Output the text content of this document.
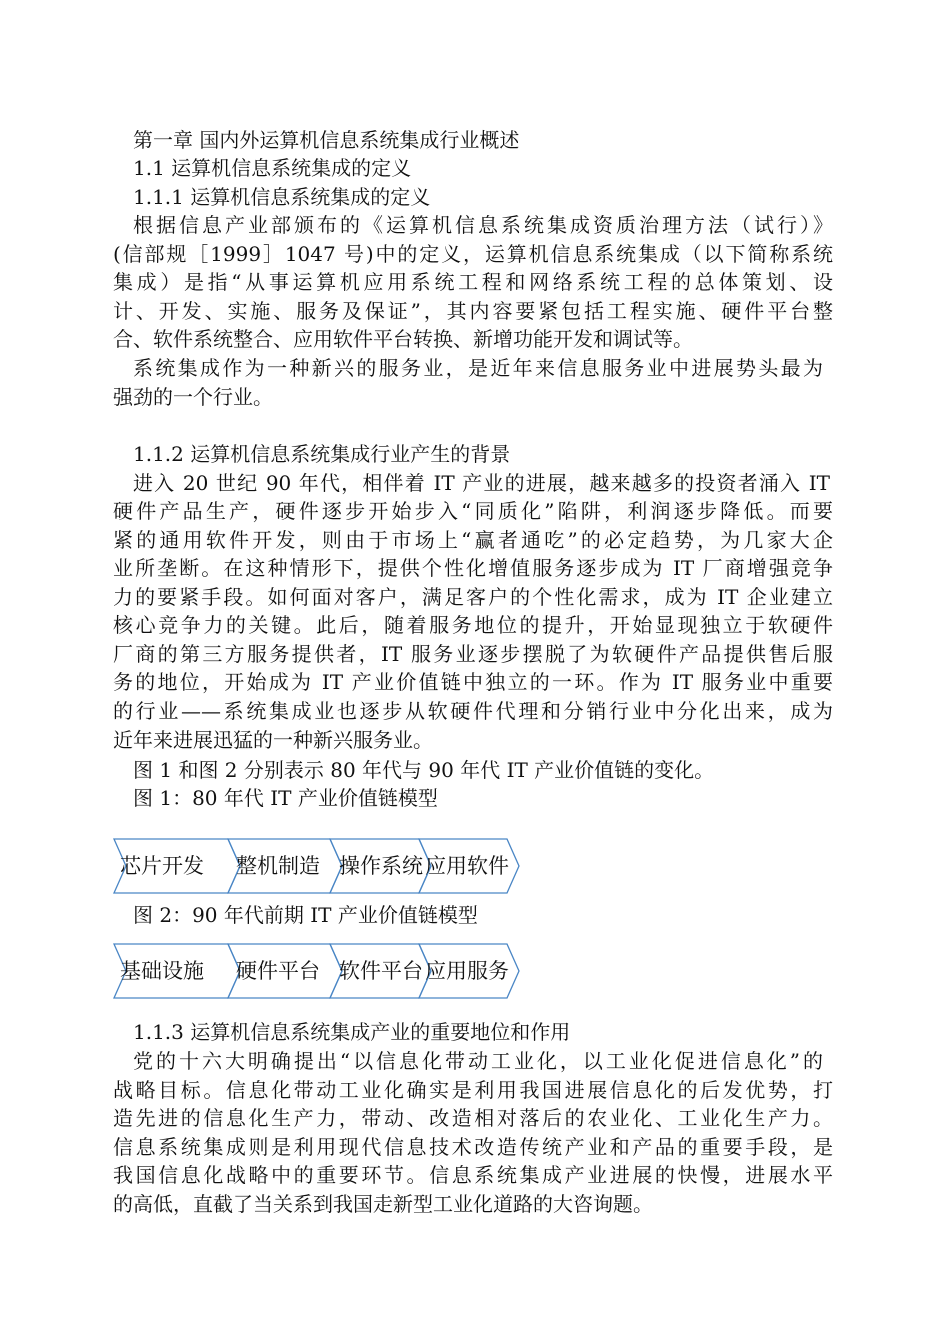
第一章 国内外运算机信息系统集成行业概述
1.1 运算机信息系统集成的定义
1.1.1 运算机信息系统集成的定义
根据信息产业部颁布的《运算机信息系统集成资质治理方法（试行）》
(信部规［1999］1047 号)中的定义，运算机信息系统集成（以下简称系统
集成）是指“从事运算机应用系统工程和网络系统工程的总体策划、设
计、开发、实施、服务及保证”，其内容要紧包括工程实施、硬件平台整
合、软件系统整合、应用软件平台转换、新增功能开发和调试等。
系统集成作为一种新兴的服务业，是近年来信息服务业中进展势头最为
强劲的一个行业。
1.1.2 运算机信息系统集成行业产生的背景
进入 20 世纪 90 年代，相伴着 IT 产业的进展，越来越多的投资者涌入 IT
硬件产品生产，硬件逐步开始步入“同质化”陷阱，利润逐步降低。而要
紧的通用软件开发，则由于市场上“赢者通吃”的必定趋势，为几家大企
业所垄断。在这种情形下，提供个性化增值服务逐步成为 IT 厂商增强竞争
力的要紧手段。如何面对客户，满足客户的个性化需求，成为 IT 企业建立
核心竞争力的关键。此后，随着服务地位的提升，开始显现独立于软硬件
厂商的第三方服务提供者，IT 服务业逐步摆脱了为软硬件产品提供售后服
务的地位，开始成为 IT 产业价值链中独立的一环。作为 IT 服务业中重要
的行业——系统集成业也逐步从软硬件代理和分销行业中分化出来，成为
近年来进展迅猛的一种新兴服务业。
图 1 和图 2 分别表示 80 年代与 90 年代 IT 产业价值链的变化。
图 1：80 年代 IT 产业价值链模型
芯片开发 整机制造 操作系统 应用软件
图 2：90 年代前期 IT 产业价值链模型
基础设施 硬件平台 软件平台 应用服务
1.1.3 运算机信息系统集成产业的重要地位和作用
党的十六大明确提出“以信息化带动工业化，以工业化促进信息化”的
战略目标。信息化带动工业化确实是利用我国进展信息化的后发优势，打
造先进的信息化生产力，带动、改造相对落后的农业化、工业化生产力。
信息系统集成则是利用现代信息技术改造传统产业和产品的重要手段，是
我国信息化战略中的重要环节。信息系统集成产业进展的快慢，进展水平
的高低，直截了当关系到我国走新型工业化道路的大咨询题。
